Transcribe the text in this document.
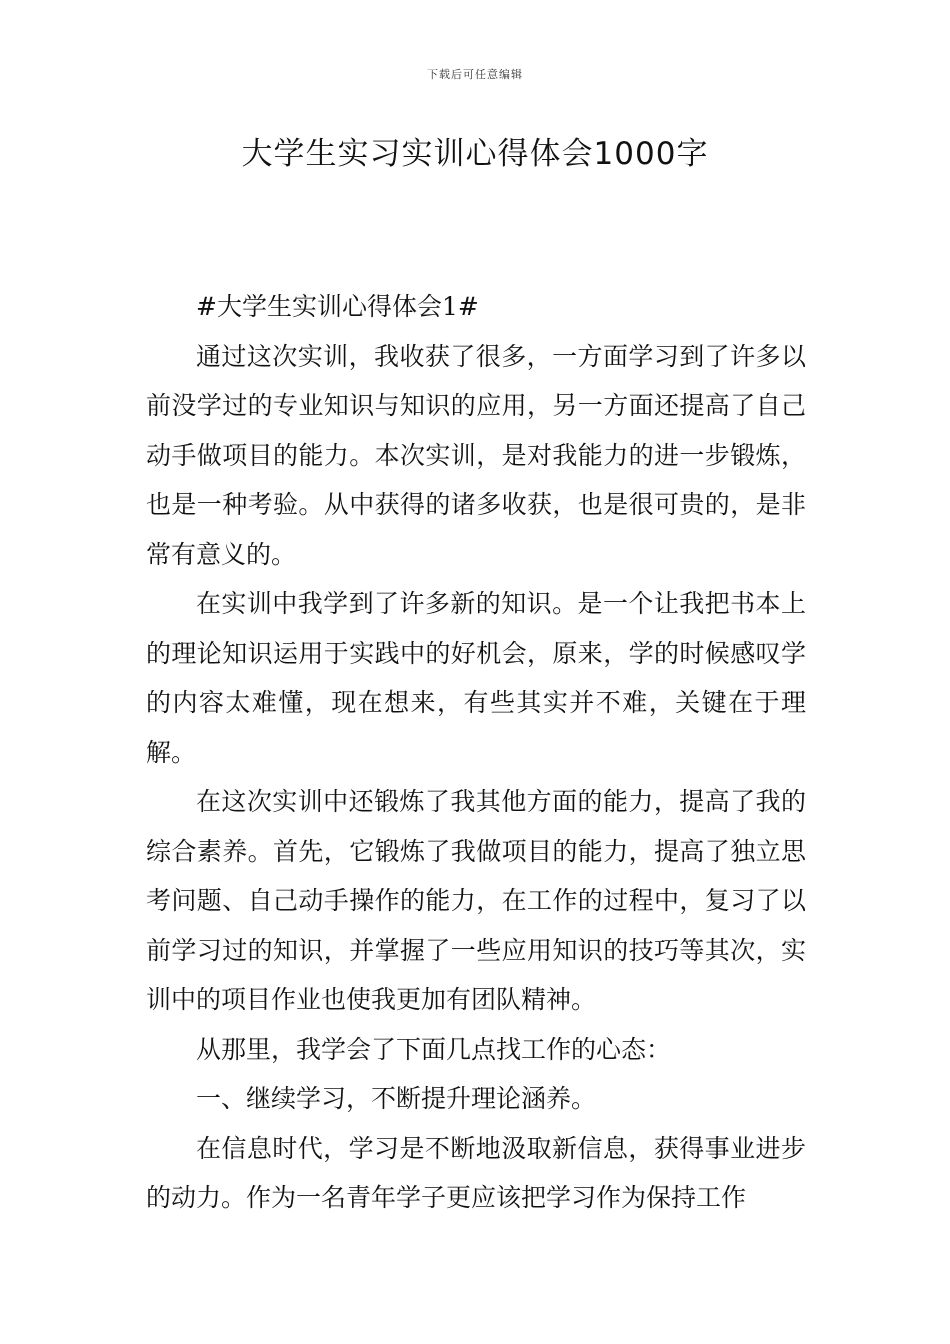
下载后可任意编辑
大学生实习实训心得体会1000字

#大学生实训心得体会1#

通过这次实训，我收获了很多，一方面学习到了许多以前没学过的专业知识与知识的应用，另一方面还提高了自己动手做项目的能力。本次实训，是对我能力的进一步锻炼，也是一种考验。从中获得的诸多收获，也是很可贵的，是非常有意义的。

在实训中我学到了许多新的知识。是一个让我把书本上的理论知识运用于实践中的好机会，原来，学的时候感叹学的内容太难懂，现在想来，有些其实并不难，关键在于理解。

在这次实训中还锻炼了我其他方面的能力，提高了我的综合素养。首先，它锻炼了我做项目的能力，提高了独立思考问题、自己动手操作的能力，在工作的过程中，复习了以前学习过的知识，并掌握了一些应用知识的技巧等其次，实训中的项目作业也使我更加有团队精神。

从那里，我学会了下面几点找工作的心态：

一、继续学习，不断提升理论涵养。

在信息时代，学习是不断地汲取新信息，获得事业进步的动力。作为一名青年学子更应该把学习作为保持工作
